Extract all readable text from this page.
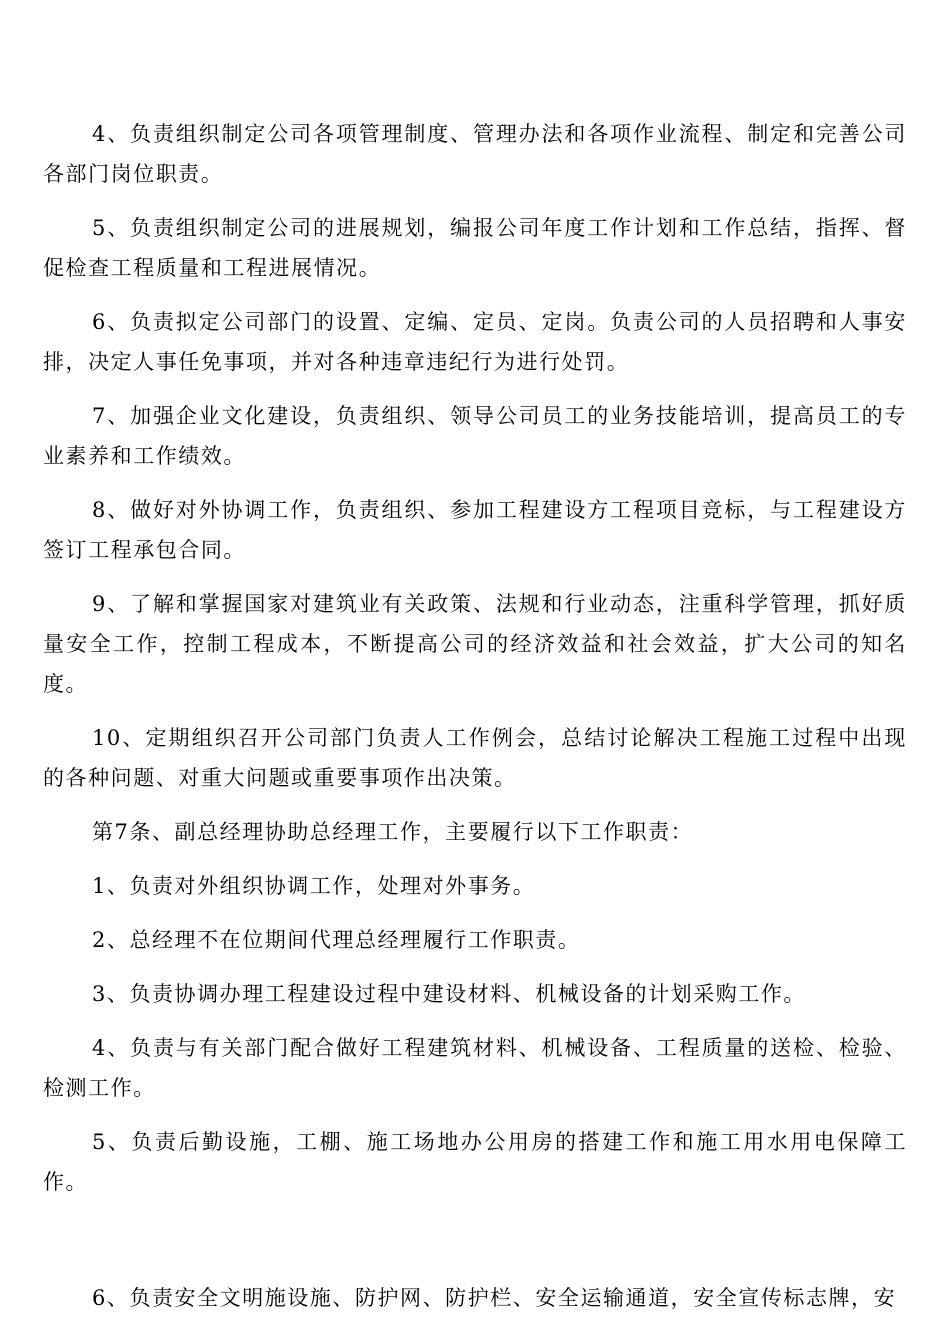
4、负责组织制定公司各项管理制度、管理办法和各项作业流程、制定和完善公司各部门岗位职责。

5、负责组织制定公司的进展规划，编报公司年度工作计划和工作总结，指挥、督促检查工程质量和工程进展情况。

6、负责拟定公司部门的设置、定编、定员、定岗。负责公司的人员招聘和人事安排，决定人事任免事项，并对各种违章违纪行为进行处罚。

7、加强企业文化建设，负责组织、领导公司员工的业务技能培训，提高员工的专业素养和工作绩效。

8、做好对外协调工作，负责组织、参加工程建设方工程项目竞标，与工程建设方签订工程承包合同。

9、了解和掌握国家对建筑业有关政策、法规和行业动态，注重科学管理，抓好质量安全工作，控制工程成本，不断提高公司的经济效益和社会效益，扩大公司的知名度。

10、定期组织召开公司部门负责人工作例会，总结讨论解决工程施工过程中出现的各种问题、对重大问题或重要事项作出决策。

第7条、副总经理协助总经理工作，主要履行以下工作职责：

1、负责对外组织协调工作，处理对外事务。

2、总经理不在位期间代理总经理履行工作职责。

3、负责协调办理工程建设过程中建设材料、机械设备的计划采购工作。

4、负责与有关部门配合做好工程建筑材料、机械设备、工程质量的送检、检验、检测工作。

5、负责后勤设施，工棚、施工场地办公用房的搭建工作和施工用水用电保障工作。

6、负责安全文明施设施、防护网、防护栏、安全运输通道，安全宣传标志牌，安
